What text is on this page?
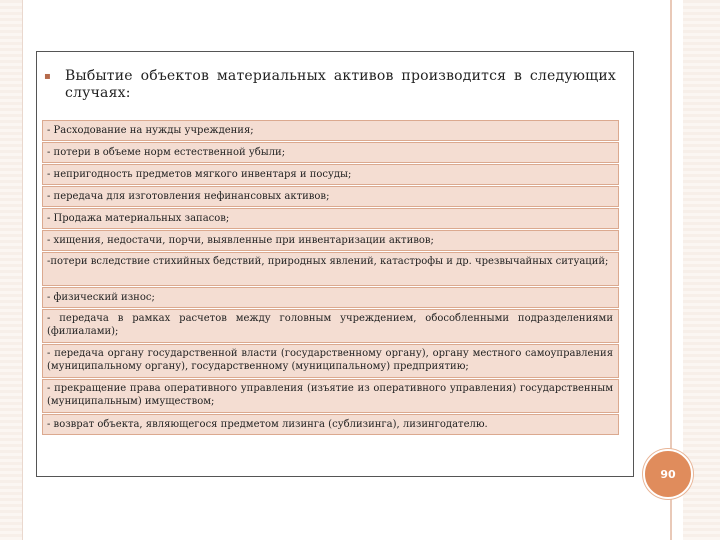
▪ Выбытие объектов материальных активов производится в следующих случаях:
- Расходование на нужды учреждения;
- потери в объеме норм естественной убыли;
- непригодность предметов мягкого инвентаря и посуды;
- передача для изготовления нефинансовых активов;
- Продажа материальных запасов;
- хищения, недостачи, порчи, выявленные при инвентаризации активов;
-потери вследствие стихийных бедствий, природных явлений, катастрофы и др. чрезвычайных ситуаций;
- физический износ;
- передача в рамках расчетов между головным учреждением, обособленными подразделениями (филиалами);
- передача органу государственной власти (государственному органу), органу местного самоуправления (муниципальному органу), государственному (муниципальному) предприятию;
- прекращение права оперативного управления (изъятие из оперативного управления) государственным (муниципальным) имуществом;
- возврат объекта, являющегося предметом лизинга (сублизинга), лизингодателю.
90
